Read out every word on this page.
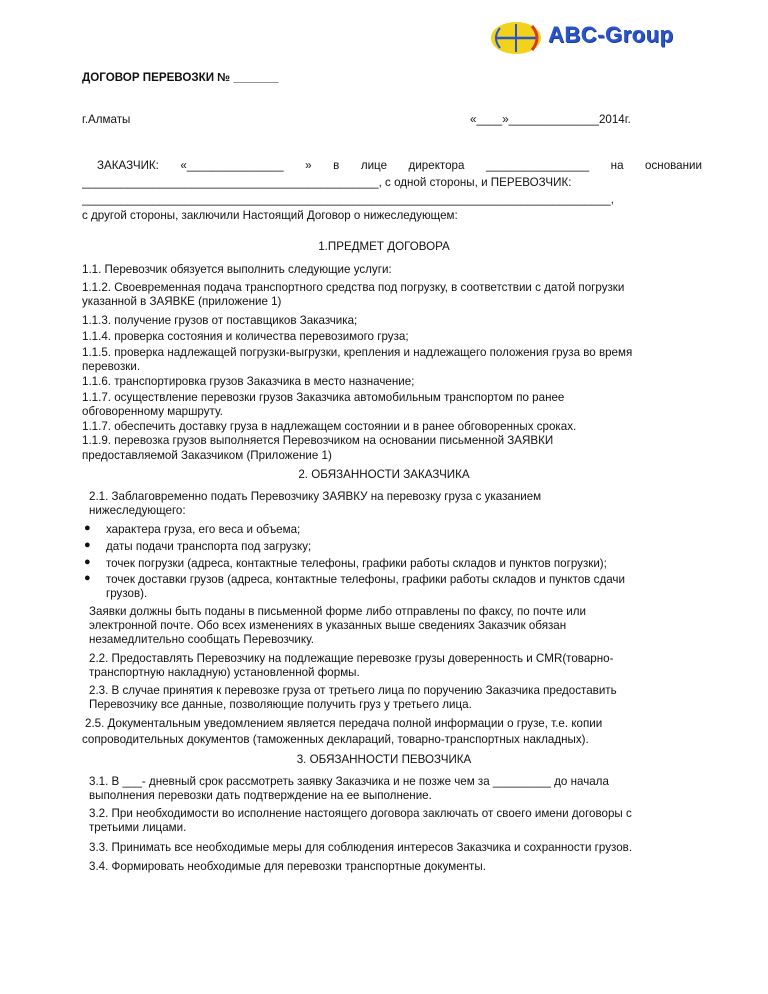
ABC-Group
ДОГОВОР ПЕРЕВОЗКИ № _______
г.Алматы	«____»______________2014г.
ЗАКАЗЧИК: «_______________ » в лице директора ________________ на основании
______________________________________________, с одной стороны, и ПЕРЕВОЗЧИК:
__________________________________________________________________________________,
с другой стороны, заключили Настоящий Договор о нижеследующем:
1.ПРЕДМЕТ ДОГОВОРА
1.1. Перевозчик обязуется выполнить следующие услуги:
1.1.2. Своевременная подача транспортного средства под погрузку, в соответствии с датой погрузки
указанной в ЗАЯВКЕ (приложение 1)
1.1.3. получение грузов от поставщиков Заказчика;
1.1.4. проверка состояния и количества перевозимого груза;
1.1.5. проверка надлежащей погрузки-выгрузки, крепления и надлежащего положения груза во время
перевозки.
1.1.6. транспортировка грузов Заказчика в место назначение;
1.1.7. осуществление перевозки грузов Заказчика автомобильным транспортом по ранее
обговоренному маршруту.
1.1.7. обеспечить доставку груза в надлежащем состоянии и в ранее обговоренных сроках.
1.1.9. перевозка грузов выполняется Перевозчиком на основании письменной ЗАЯВКИ
предоставляемой Заказчиком (Приложение 1)
2. ОБЯЗАННОСТИ ЗАКАЗЧИКА
2.1. Заблаговременно подать Перевозчику ЗАЯВКУ на перевозку груза с указанием
нижеследующего:
● характера груза, его веса и объема;
● даты подачи транспорта под загрузку;
● точек погрузки (адреса, контактные телефоны, графики работы складов и пунктов погрузки);
● точек доставки грузов (адреса, контактные телефоны, графики работы складов и пунктов сдачи
грузов).
Заявки должны быть поданы в письменной форме либо отправлены по факсу, по почте или
электронной почте. Обо всех изменениях в указанных выше сведениях Заказчик обязан
незамедлительно сообщать Перевозчику.
2.2. Предоставлять Перевозчику на подлежащие перевозке грузы доверенность и CMR(товарно-
транспортную накладную) установленной формы.
2.3. В случае принятия к перевозке груза от третьего лица по поручению Заказчика предоставить
Перевозчику все данные, позволяющие получить груз у третьего лица.
2.5. Документальным уведомлением является передача полной информации о грузе, т.е. копии
сопроводительных документов (таможенных деклараций, товарно-транспортных накладных).
3. ОБЯЗАННОСТИ ПЕВОЗЧИКА
3.1. В ___- дневный срок рассмотреть заявку Заказчика и не позже чем за _________ до начала
выполнения перевозки дать подтверждение на ее выполнение.
3.2. При необходимости во исполнение настоящего договора заключать от своего имени договоры с
третьими лицами.
3.3. Принимать все необходимые меры для соблюдения интересов Заказчика и сохранности грузов.
3.4. Формировать необходимые для перевозки транспортные документы.
